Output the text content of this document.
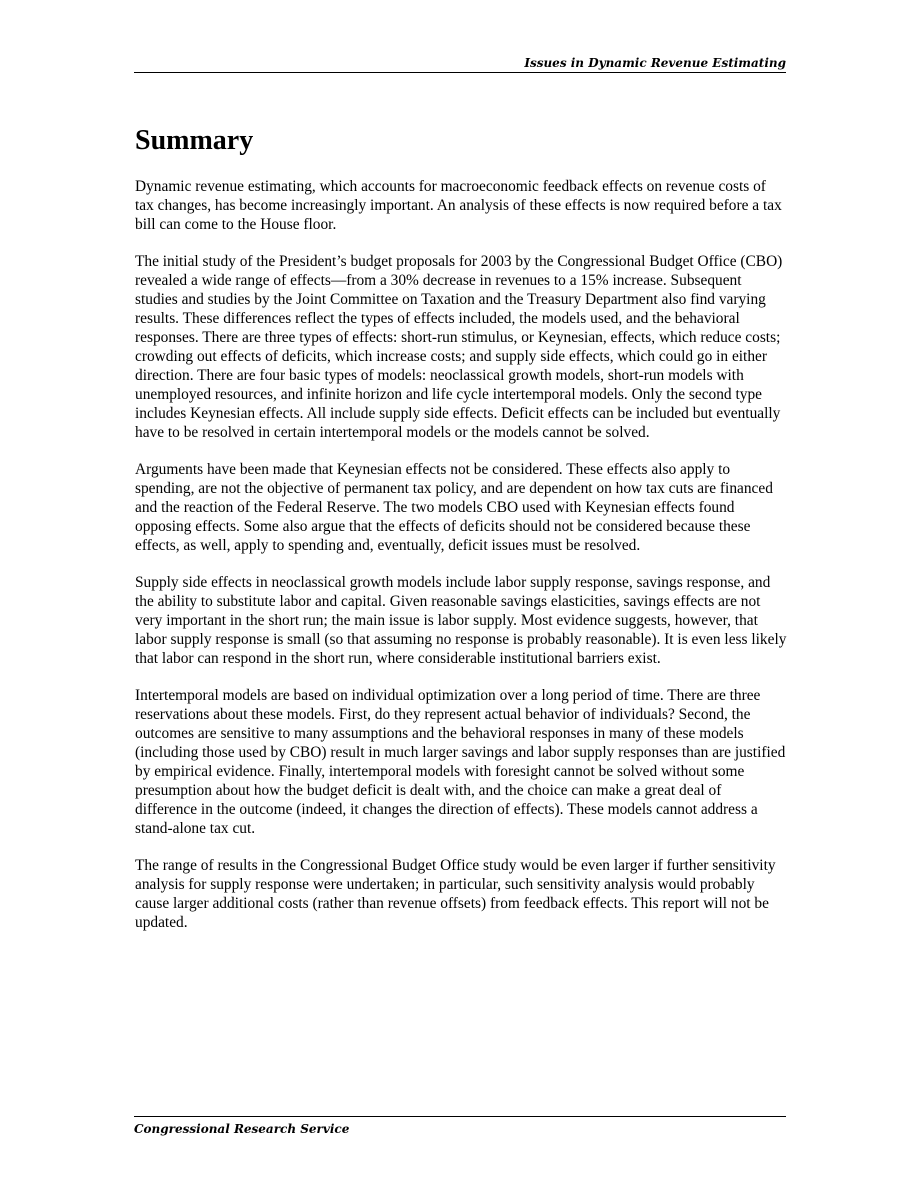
Issues in Dynamic Revenue Estimating
Summary

Dynamic revenue estimating, which accounts for macroeconomic feedback effects on revenue costs of tax changes, has become increasingly important. An analysis of these effects is now required before a tax bill can come to the House floor.

The initial study of the President’s budget proposals for 2003 by the Congressional Budget Office (CBO) revealed a wide range of effects—from a 30% decrease in revenues to a 15% increase. Subsequent studies and studies by the Joint Committee on Taxation and the Treasury Department also find varying results. These differences reflect the types of effects included, the models used, and the behavioral responses. There are three types of effects: short-run stimulus, or Keynesian, effects, which reduce costs; crowding out effects of deficits, which increase costs; and supply side effects, which could go in either direction. There are four basic types of models: neoclassical growth models, short-run models with unemployed resources, and infinite horizon and life cycle intertemporal models. Only the second type includes Keynesian effects. All include supply side effects. Deficit effects can be included but eventually have to be resolved in certain intertemporal models or the models cannot be solved.

Arguments have been made that Keynesian effects not be considered. These effects also apply to spending, are not the objective of permanent tax policy, and are dependent on how tax cuts are financed and the reaction of the Federal Reserve. The two models CBO used with Keynesian effects found opposing effects. Some also argue that the effects of deficits should not be considered because these effects, as well, apply to spending and, eventually, deficit issues must be resolved.

Supply side effects in neoclassical growth models include labor supply response, savings response, and the ability to substitute labor and capital. Given reasonable savings elasticities, savings effects are not very important in the short run; the main issue is labor supply. Most evidence suggests, however, that labor supply response is small (so that assuming no response is probably reasonable). It is even less likely that labor can respond in the short run, where considerable institutional barriers exist.

Intertemporal models are based on individual optimization over a long period of time. There are three reservations about these models. First, do they represent actual behavior of individuals? Second, the outcomes are sensitive to many assumptions and the behavioral responses in many of these models (including those used by CBO) result in much larger savings and labor supply responses than are justified by empirical evidence. Finally, intertemporal models with foresight cannot be solved without some presumption about how the budget deficit is dealt with, and the choice can make a great deal of difference in the outcome (indeed, it changes the direction of effects). These models cannot address a stand-alone tax cut.

The range of results in the Congressional Budget Office study would be even larger if further sensitivity analysis for supply response were undertaken; in particular, such sensitivity analysis would probably cause larger additional costs (rather than revenue offsets) from feedback effects. This report will not be updated.

Congressional Research Service
